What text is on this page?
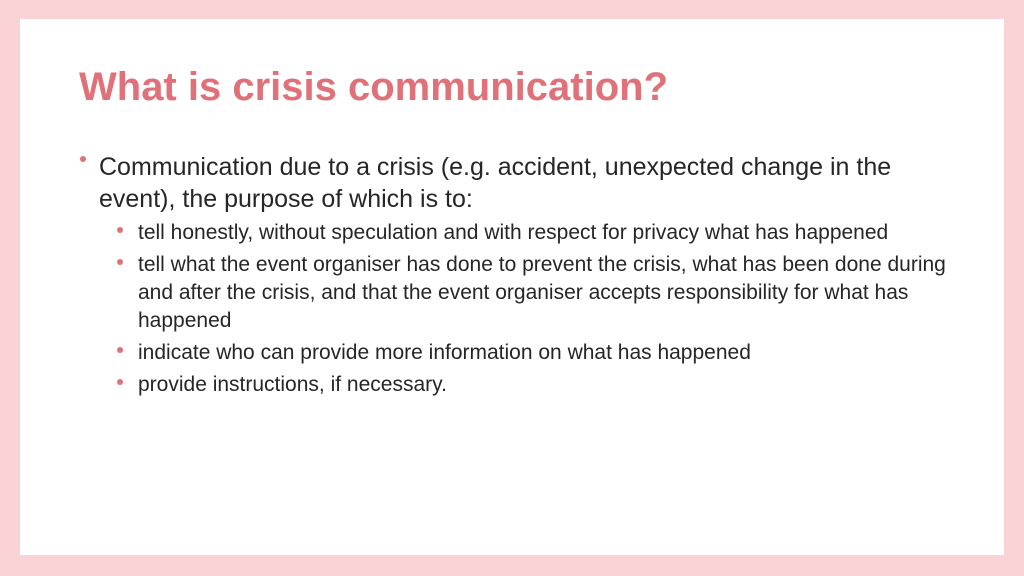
What is crisis communication?
Communication due to a crisis (e.g. accident, unexpected change in the event), the purpose of which is to:
tell honestly, without speculation and with respect for privacy what has happened
tell what the event organiser has done to prevent the crisis, what has been done during and after the crisis, and that the event organiser accepts responsibility for what has happened
indicate who can provide more information on what has happened
provide instructions, if necessary.
